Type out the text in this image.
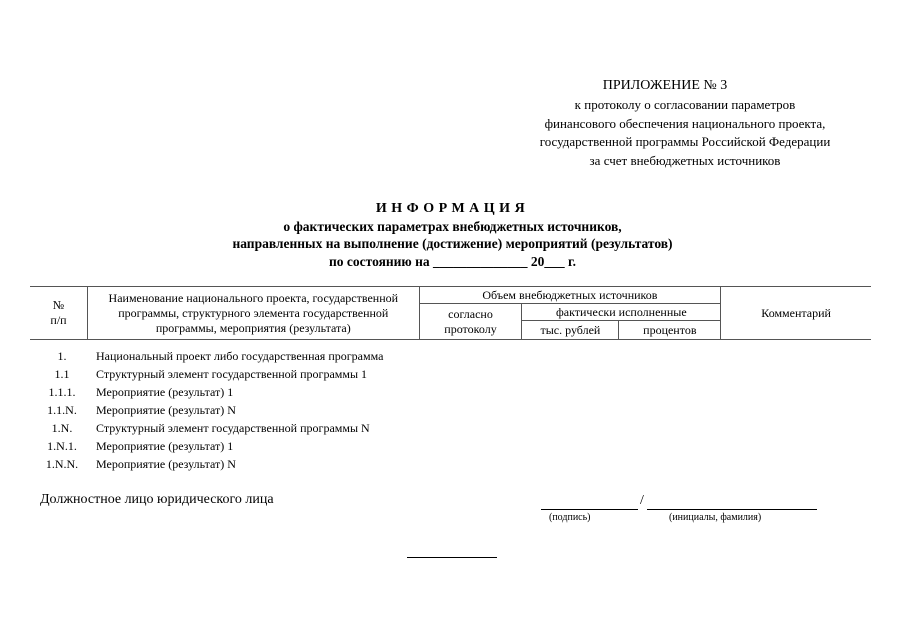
ПРИЛОЖЕНИЕ № 3
к протоколу о согласовании параметров
финансового обеспечения национального проекта,
государственной программы Российской Федерации
за счет внебюджетных источников
ИНФОРМАЦИЯ
о фактических параметрах внебюджетных источников,
направленных на выполнение (достижение) мероприятий (результатов)
по состоянию на ______________ 20___ г.
№
п/п	Наименование национального проекта, государственной программы, структурного элемента государственной программы, мероприятия (результата)	Объем внебюджетных источников			Комментарий
		согласно протоколу	фактически исполненные		
			тыс. рублей	процентов	
1.	Национальный проект либо государственная программа
1.1	Структурный элемент государственной программы 1
1.1.1.	Мероприятие (результат) 1
1.1.N.	Мероприятие (результат) N
1.N.	Структурный элемент государственной программы N
1.N.1.	Мероприятие (результат) 1
1.N.N.	Мероприятие (результат) N
Должностное лицо юридического лица	/
(подпись)	(инициалы, фамилия)
